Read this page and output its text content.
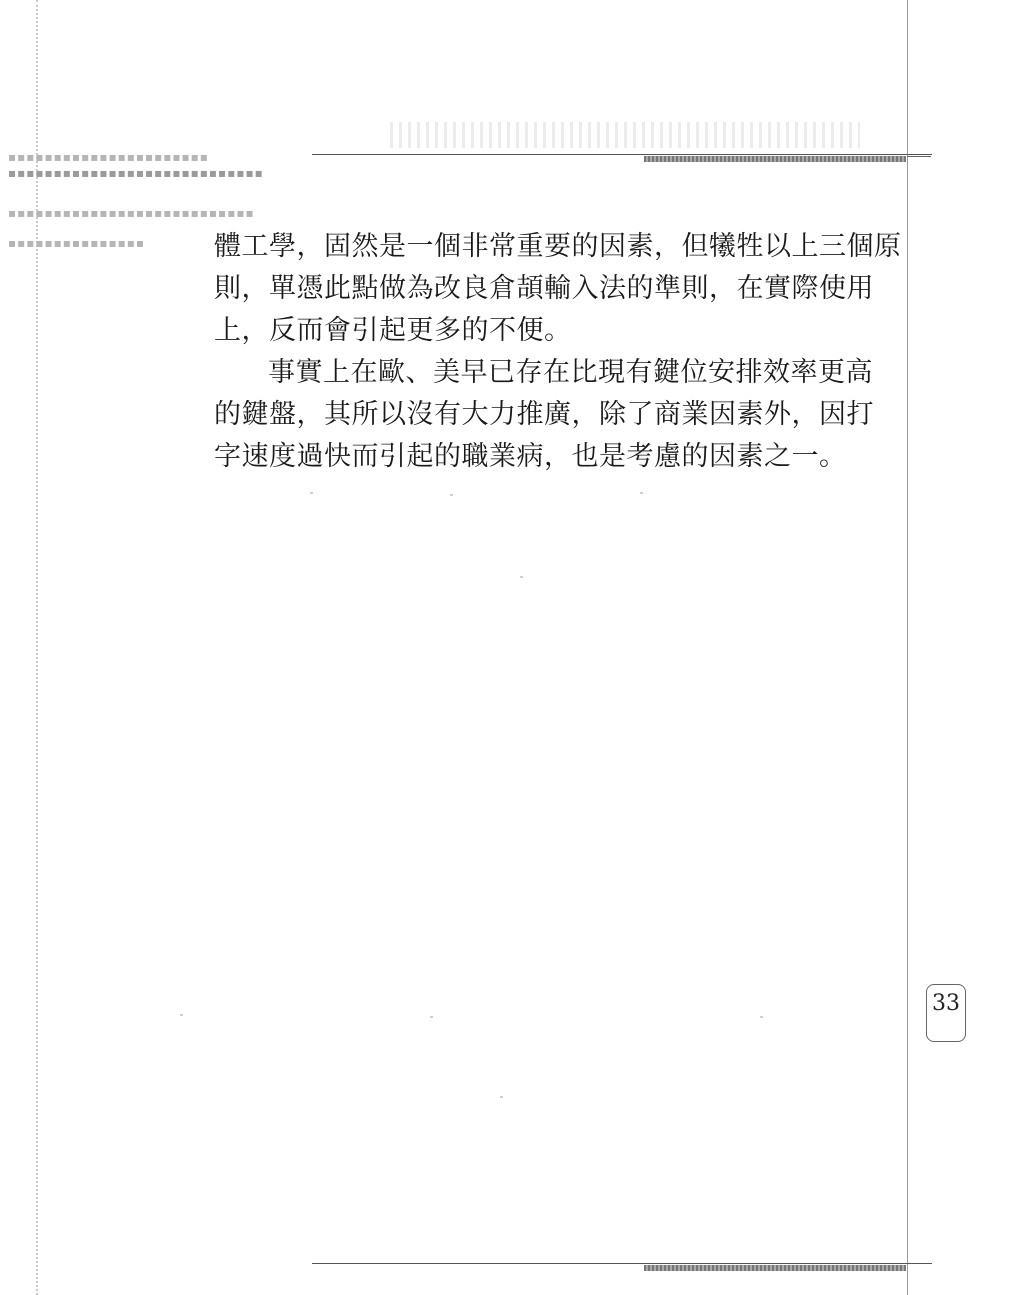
▪▪▪▪▪▪▪▪▪▪▪▪▪▪▪▪▪▪▪▪▪▪
▪▪▪▪▪▪▪▪▪▪▪▪▪▪▪▪▪▪▪▪▪▪▪▪▪▪▪▪
▪▪▪▪▪▪▪▪▪▪▪▪▪▪▪▪▪▪▪▪▪▪▪▪▪▪▪
▪▪▪▪▪▪▪▪▪▪▪▪▪▪▪	體工學，固然是一個非常重要的因素，但犧牲以上三個原
則，單憑此點做為改良倉頡輸入法的準則，在實際使用
上，反而會引起更多的不便。

事實上在歐、美早已存在比現有鍵位安排效率更高
的鍵盤，其所以沒有大力推廣，除了商業因素外，因打
字速度過快而引起的職業病，也是考慮的因素之一。

33
